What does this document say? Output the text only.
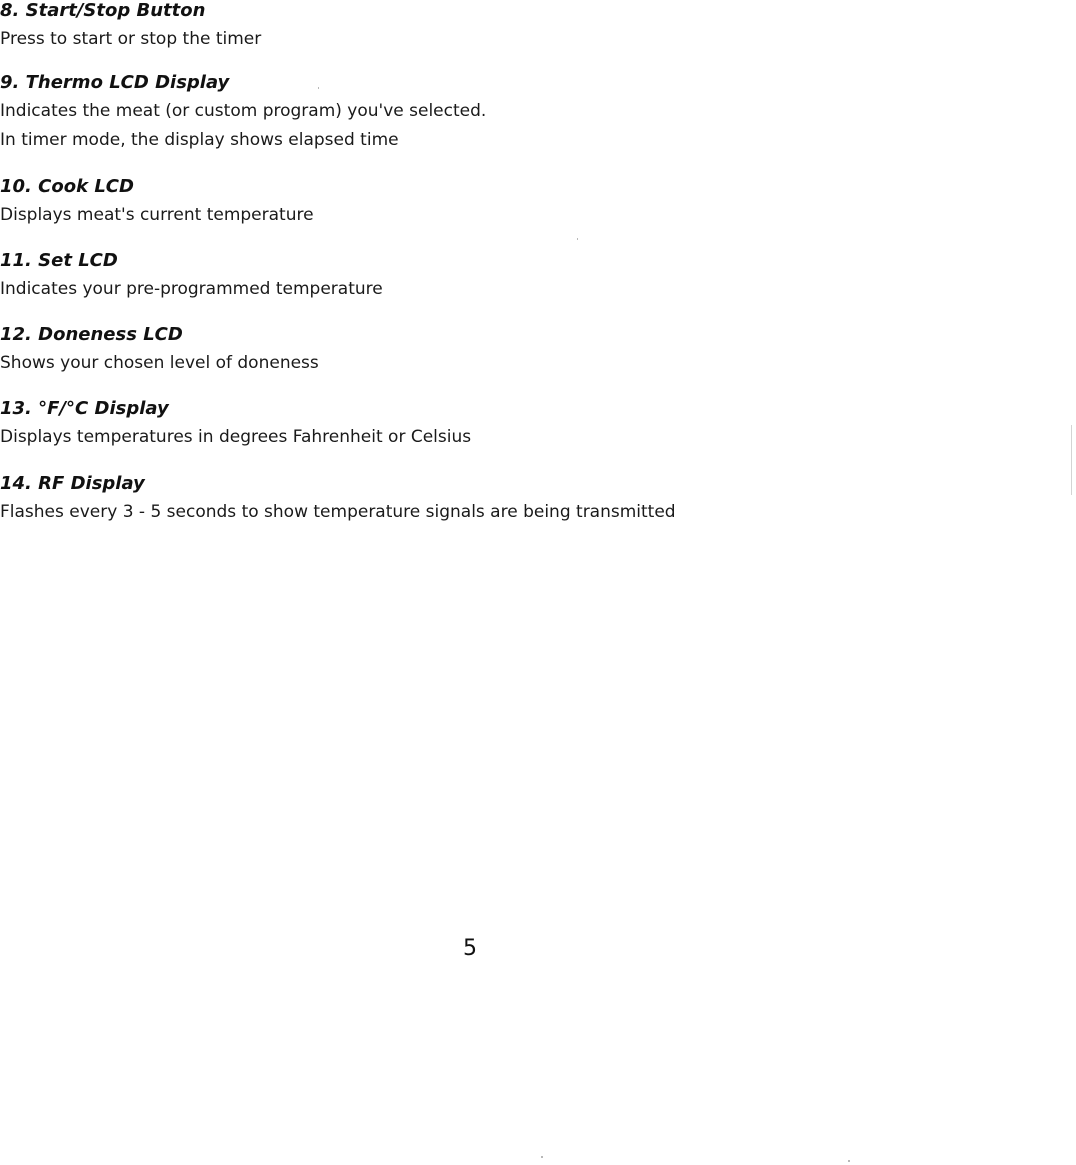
8. Start/Stop Button
Press to start or stop the timer
9. Thermo LCD Display
Indicates the meat (or custom program) you've selected.
In timer mode, the display shows elapsed time
10. Cook LCD
Displays meat's current temperature
11. Set LCD
Indicates your pre-programmed temperature
12. Doneness LCD
Shows your chosen level of doneness
13. °F/°C Display
Displays temperatures in degrees Fahrenheit or Celsius
14. RF Display
Flashes every 3 - 5 seconds to show temperature signals are being transmitted
5
